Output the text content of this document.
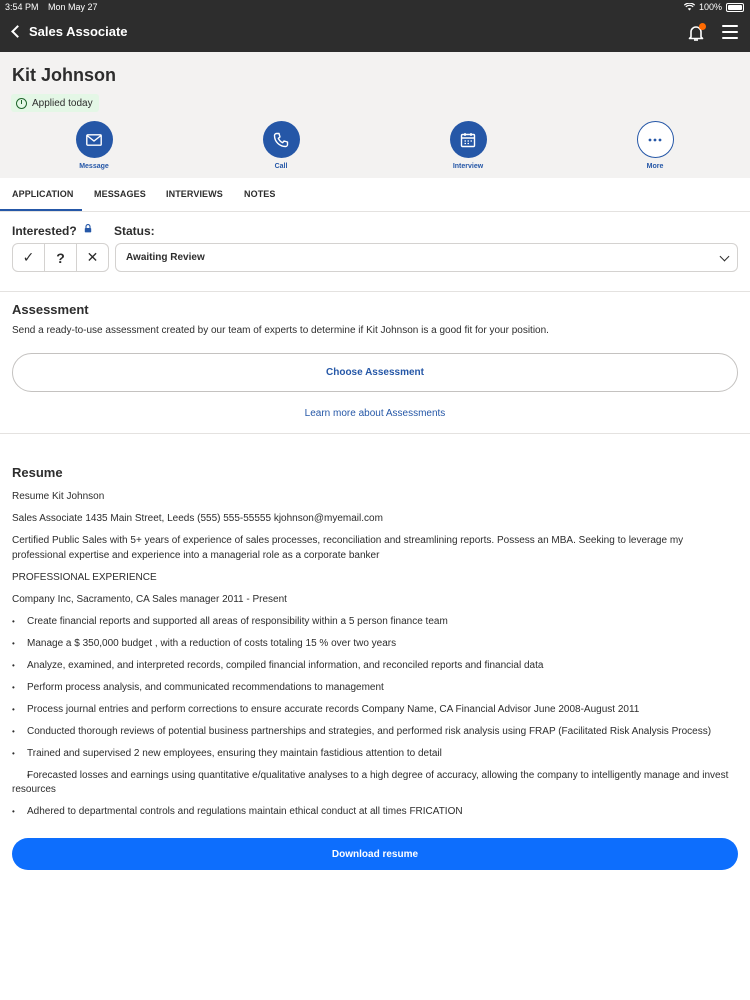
3:54 PM Mon May 27	100%
Sales Associate
Kit Johnson
Applied today
Message	Call	Interview	More
APPLICATION MESSAGES INTERVIEWS NOTES
Interested?	Status:
✓	?	✕	Awaiting Review
Assessment
Send a ready-to-use assessment created by our team of experts to determine if Kit Johnson is a good fit for your position.
Choose Assessment
Learn more about Assessments
Resume
Resume Kit Johnson
Sales Associate 1435 Main Street, Leeds (555) 555-55555 kjohnson@myemail.com
Certified Public Sales with 5+ years of experience of sales processes, reconciliation and streamlining reports. Possess an MBA. Seeking to leverage my professional expertise and experience into a managerial role as a corporate banker
PROFESSIONAL EXPERIENCE
Company Inc, Sacramento, CA Sales manager 2011 - Present
• Create financial reports and supported all areas of responsibility within a 5 person finance team
• Manage a $ 350,000 budget , with a reduction of costs totaling 15 % over two years
• Analyze, examined, and interpreted records, compiled financial information, and reconciled reports and financial data
• Perform process analysis, and communicated recommendations to management
• Process journal entries and perform corrections to ensure accurate records Company Name, CA Financial Advisor June 2008-August 2011
• Conducted thorough reviews of potential business partnerships and strategies, and performed risk analysis using FRAP (Facilitated Risk Analysis Process)
• Trained and supervised 2 new employees, ensuring they maintain fastidious attention to detail
• Forecasted losses and earnings using quantitative e/qualitative analyses to a high degree of accuracy, allowing the company to intelligently manage and invest resources
• Adhered to departmental controls and regulations maintain ethical conduct at all times FRICATION
Download resume
